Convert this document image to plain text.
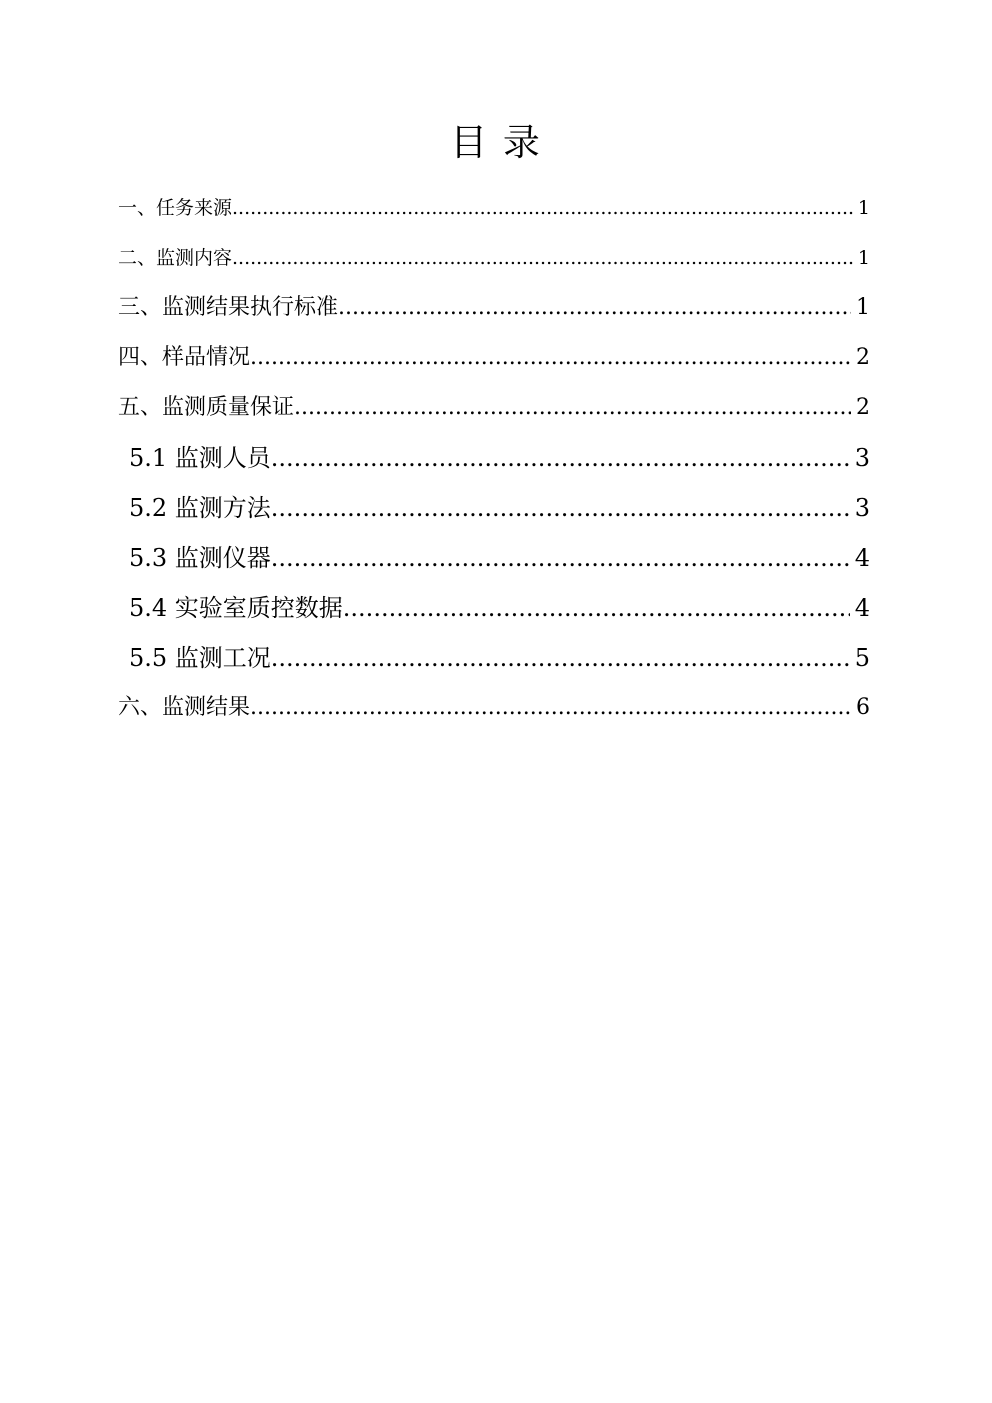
目 录
一、任务来源 .....	1
二、监测内容 .....	1
三、监测结果执行标准 .....	1
四、样品情况 .....	2
五、监测质量保证 .....	2
5.1 监测人员 .....	3
5.2 监测方法 .....	3
5.3 监测仪器 .....	4
5.4 实验室质控数据 .....	4
5.5 监测工况 .....	5
六、监测结果 .....	6
